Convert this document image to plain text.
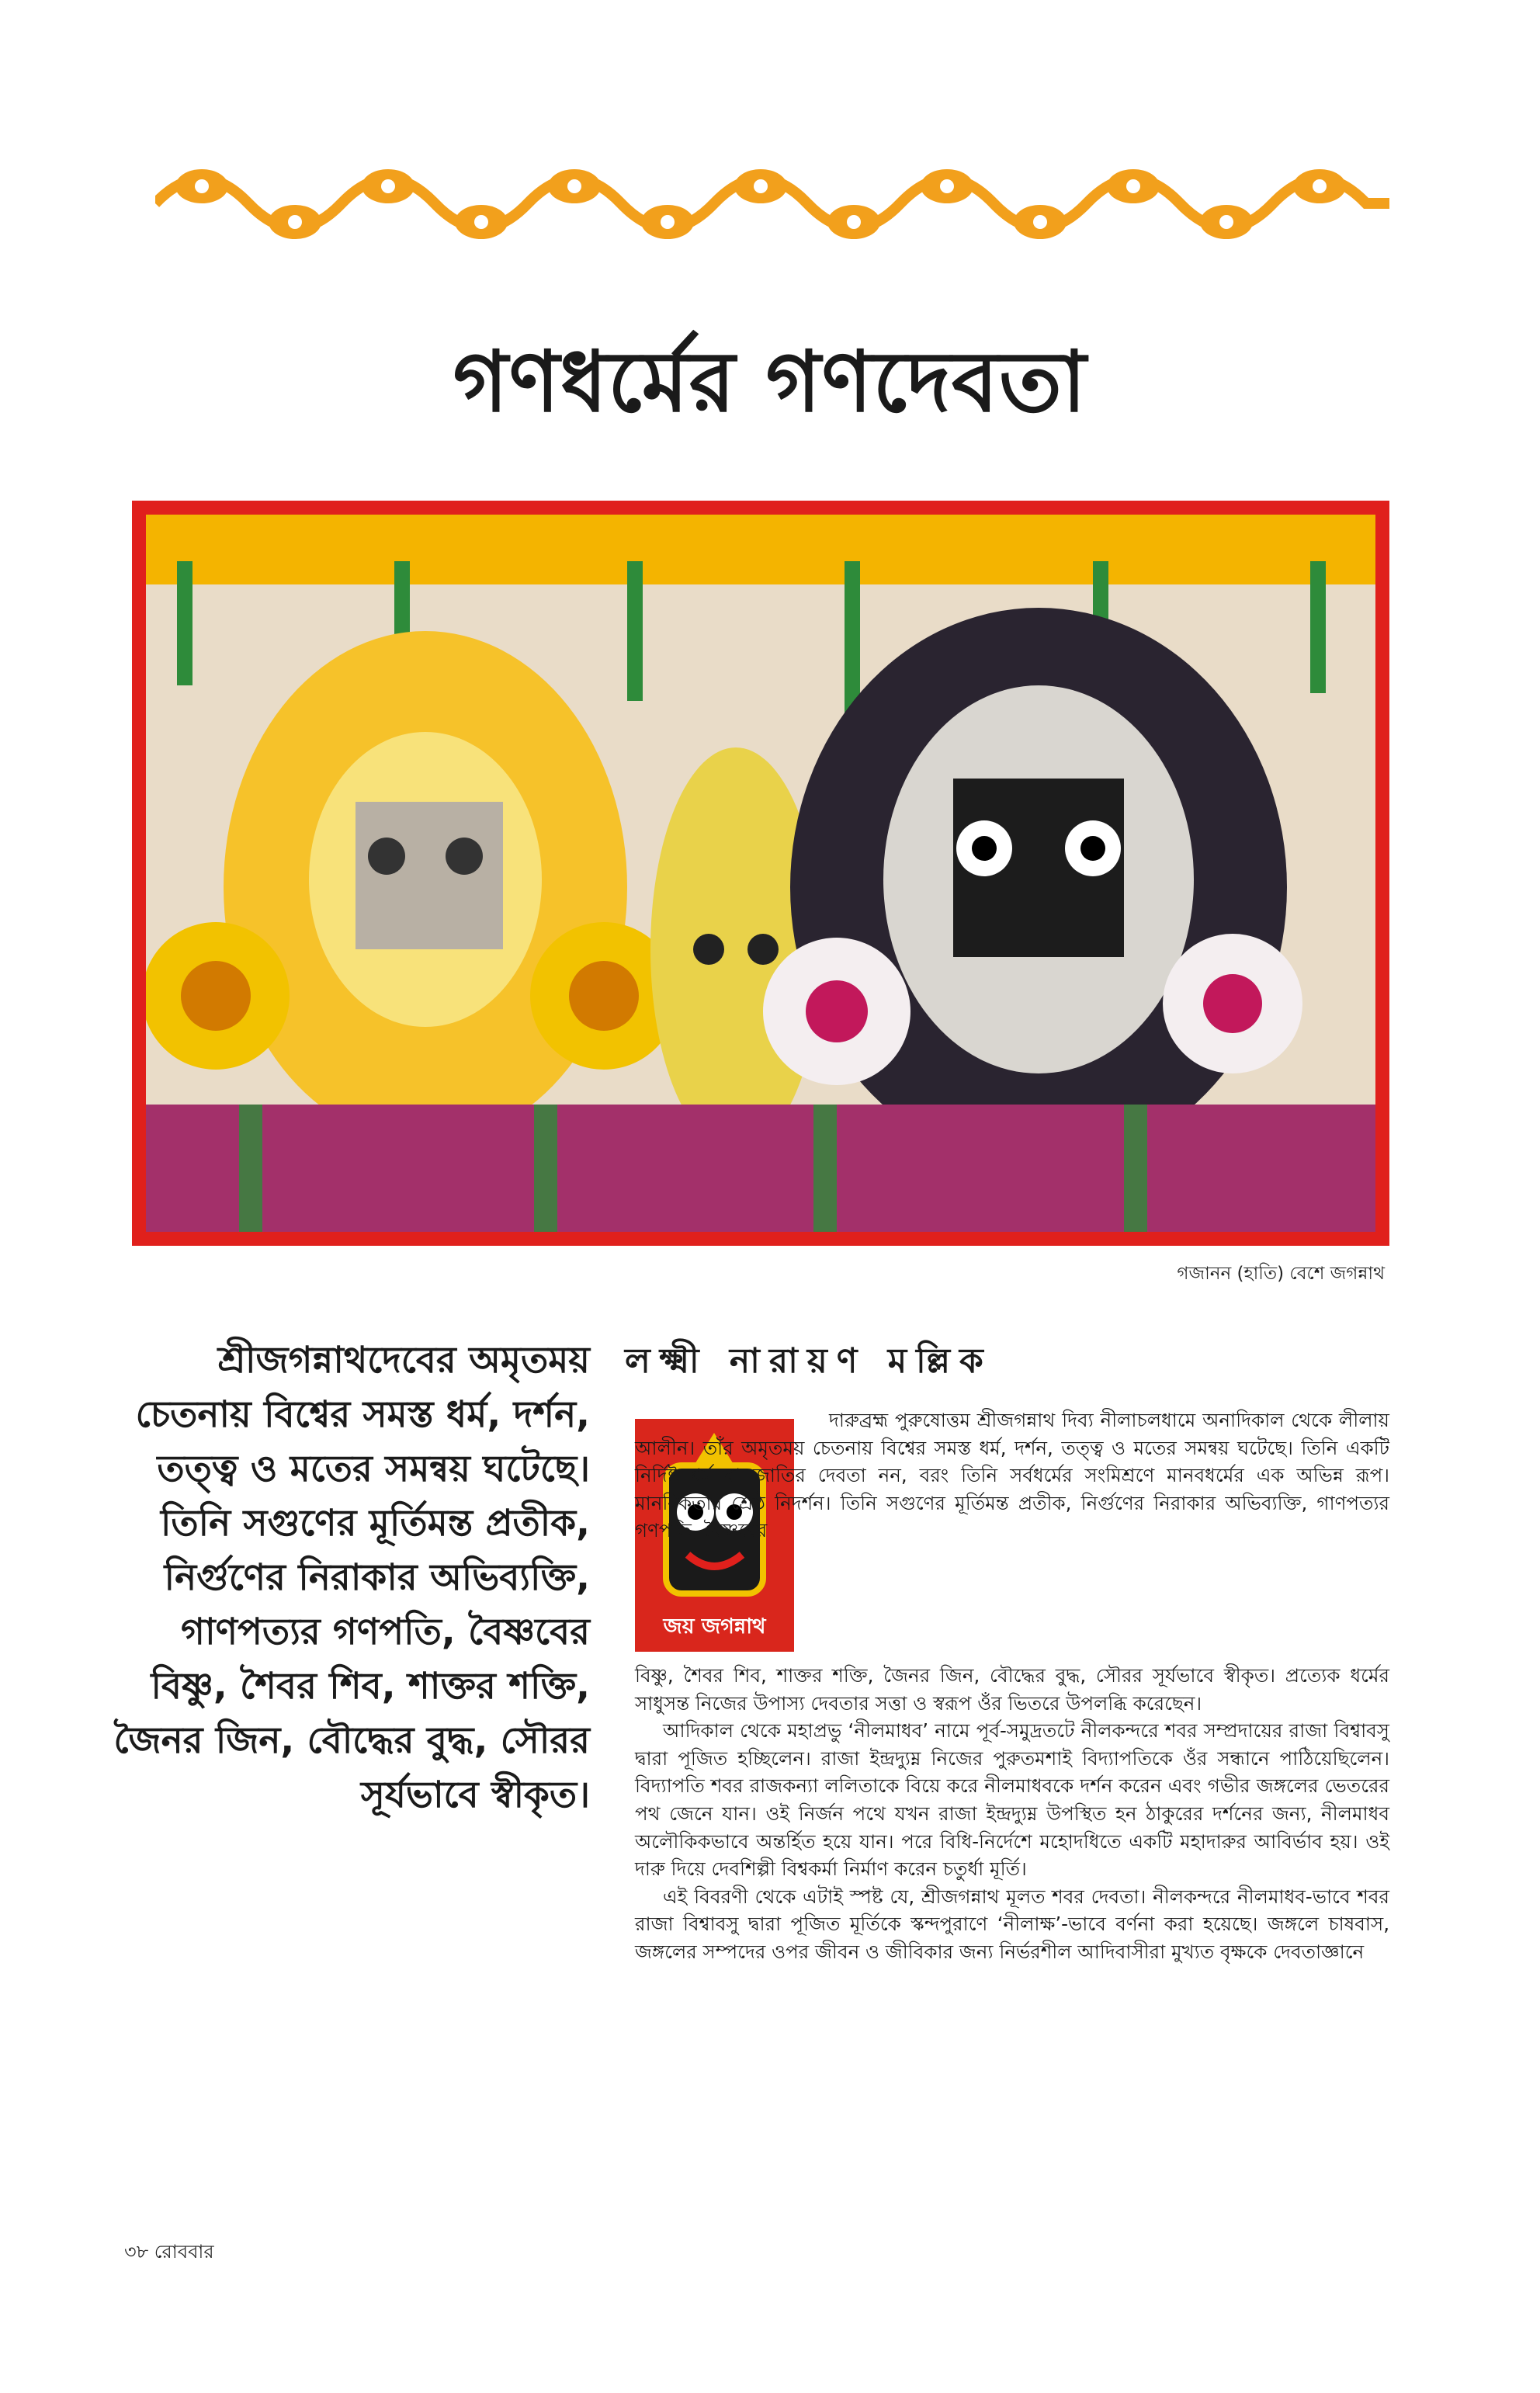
গণধর্মের গণদেবতা
গজানন (হাতি) বেশে জগন্নাথ
শ্রীজগন্নাথদেবের অমৃতময় চেতনায় বিশ্বের সমস্ত ধর্ম, দর্শন, তত্ত্ব ও মতের সমন্বয় ঘটেছে। তিনি সগুণের মূর্তিমন্ত প্রতীক, নির্গুণের নিরাকার অভিব্যক্তি, গাণপত্যর গণপতি, বৈষ্ণবের বিষ্ণু, শৈবর শিব, শাক্তর শক্তি, জৈনর জিন, বৌদ্ধের বুদ্ধ, সৌরর সূর্যভাবে স্বীকৃত।
লক্ষ্মী নারায়ণ মল্লিক
জয় জগন্নাথ
দারুব্রহ্ম পুরুষোত্তম শ্রীজগন্নাথ দিব্য নীলাচলধামে অনাদিকাল থেকে লীলায় আলীন। তাঁর অমৃতময় চেতনায় বিশ্বের সমস্ত ধর্ম, দর্শন, তত্ত্ব ও মতের সমন্বয় ঘটেছে। তিনি একটি নির্দিষ্ট ধর্ম বা জাতির দেবতা নন, বরং তিনি সর্বধর্মের সংমিশ্রণে মানবধর্মের এক অভিন্ন রূপ। মানবিকতার শ্রেষ্ঠ নিদর্শন। তিনি সগুণের মূর্তিমন্ত প্রতীক, নির্গুণের নিরাকার অভিব্যক্তি, গাণপত্যর গণপতি, বৈষ্ণবের
বিষ্ণু, শৈবর শিব, শাক্তর শক্তি, জৈনর জিন, বৌদ্ধের বুদ্ধ, সৌরর সূর্যভাবে স্বীকৃত। প্রত্যেক ধর্মের সাধুসন্ত নিজের উপাস্য দেবতার সত্তা ও স্বরূপ ওঁর ভিতরে উপলব্ধি করেছেন।
আদিকাল থেকে মহাপ্রভু ‘নীলমাধব’ নামে পূর্ব-সমুদ্রতটে নীলকন্দরে শবর সম্প্রদায়ের রাজা বিশ্বাবসু দ্বারা পূজিত হচ্ছিলেন। রাজা ইন্দ্রদ্যুম্ন নিজের পুরুতমশাই বিদ্যাপতিকে ওঁর সন্ধানে পাঠিয়েছিলেন। বিদ্যাপতি শবর রাজকন্যা ললিতাকে বিয়ে করে নীলমাধবকে দর্শন করেন এবং গভীর জঙ্গলের ভেতরের পথ জেনে যান। ওই নির্জন পথে যখন রাজা ইন্দ্রদ্যুম্ন উপস্থিত হন ঠাকুরের দর্শনের জন্য, নীলমাধব অলৌকিকভাবে অন্তর্হিত হয়ে যান। পরে বিধি-নির্দেশে মহোদধিতে একটি মহাদারুর আবির্ভাব হয়। ওই দারু দিয়ে দেবশিল্পী বিশ্বকর্মা নির্মাণ করেন চতুর্ধা মূর্তি।
এই বিবরণী থেকে এটাই স্পষ্ট যে, শ্রীজগন্নাথ মূলত শবর দেবতা। নীলকন্দরে নীলমাধব-ভাবে শবর রাজা বিশ্বাবসু দ্বারা পূজিত মূর্তিকে স্কন্দপুরাণে ‘নীলাক্ষ’-ভাবে বর্ণনা করা হয়েছে। জঙ্গলে চাষবাস, জঙ্গলের সম্পদের ওপর জীবন ও জীবিকার জন্য নির্ভরশীল আদিবাসীরা মুখ্যত বৃক্ষকে দেবতাজ্ঞানে
৩৮ রোববার
